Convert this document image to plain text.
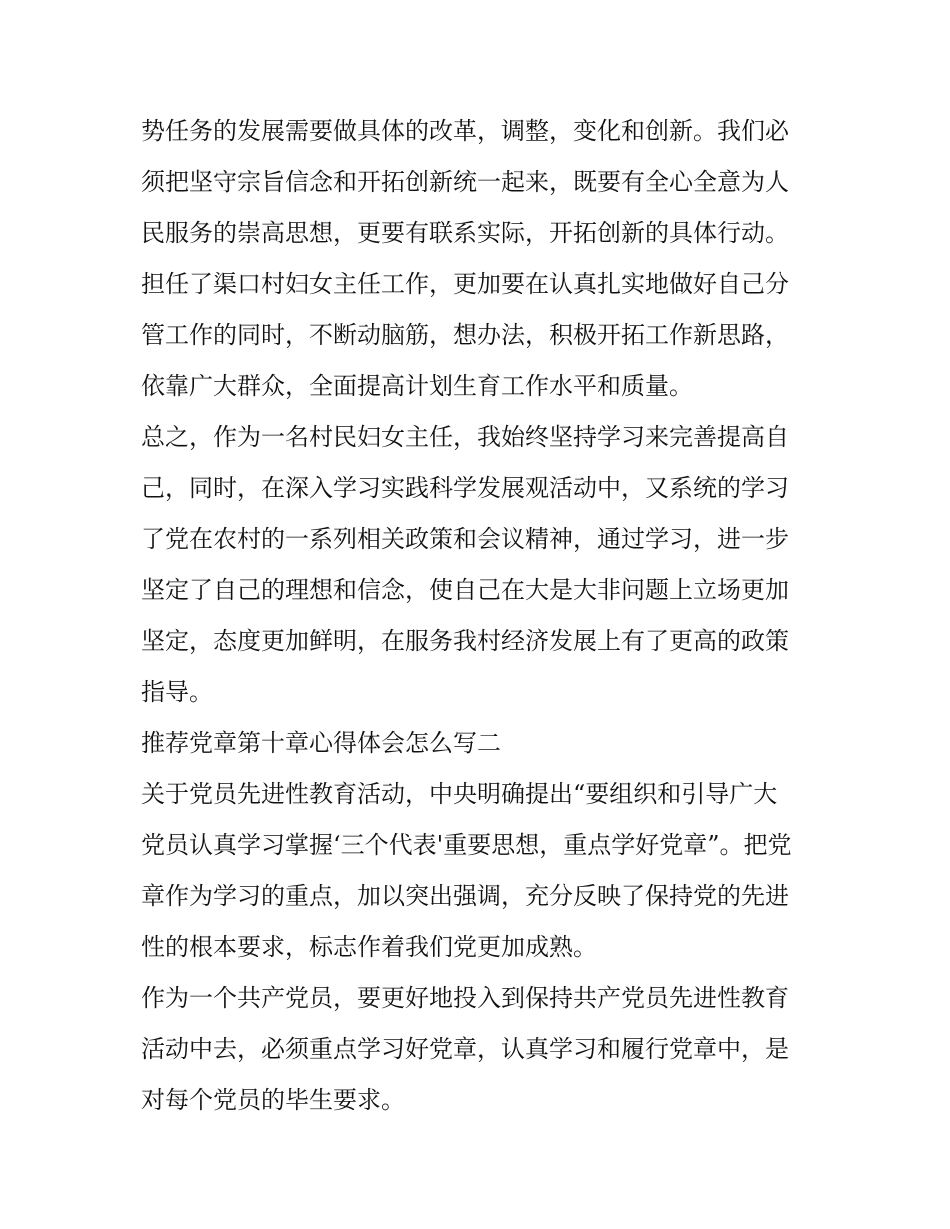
势任务的发展需要做具体的改革，调整，变化和创新。我们必
须把坚守宗旨信念和开拓创新统一起来，既要有全心全意为人
民服务的崇高思想，更要有联系实际，开拓创新的具体行动。
担任了渠口村妇女主任工作，更加要在认真扎实地做好自己分
管工作的同时，不断动脑筋，想办法，积极开拓工作新思路，
依靠广大群众，全面提高计划生育工作水平和质量。
总之，作为一名村民妇女主任，我始终坚持学习来完善提高自
己，同时，在深入学习实践科学发展观活动中，又系统的学习
了党在农村的一系列相关政策和会议精神，通过学习，进一步
坚定了自己的理想和信念，使自己在大是大非问题上立场更加
坚定，态度更加鲜明，在服务我村经济发展上有了更高的政策
指导。
推荐党章第十章心得体会怎么写二
关于党员先进性教育活动，中央明确提出“要组织和引导广大
党员认真学习掌握‘三个代表'重要思想，重点学好党章”。把党
章作为学习的重点，加以突出强调，充分反映了保持党的先进
性的根本要求，标志作着我们党更加成熟。
作为一个共产党员，要更好地投入到保持共产党员先进性教育
活动中去，必须重点学习好党章，认真学习和履行党章中，是
对每个党员的毕生要求。
